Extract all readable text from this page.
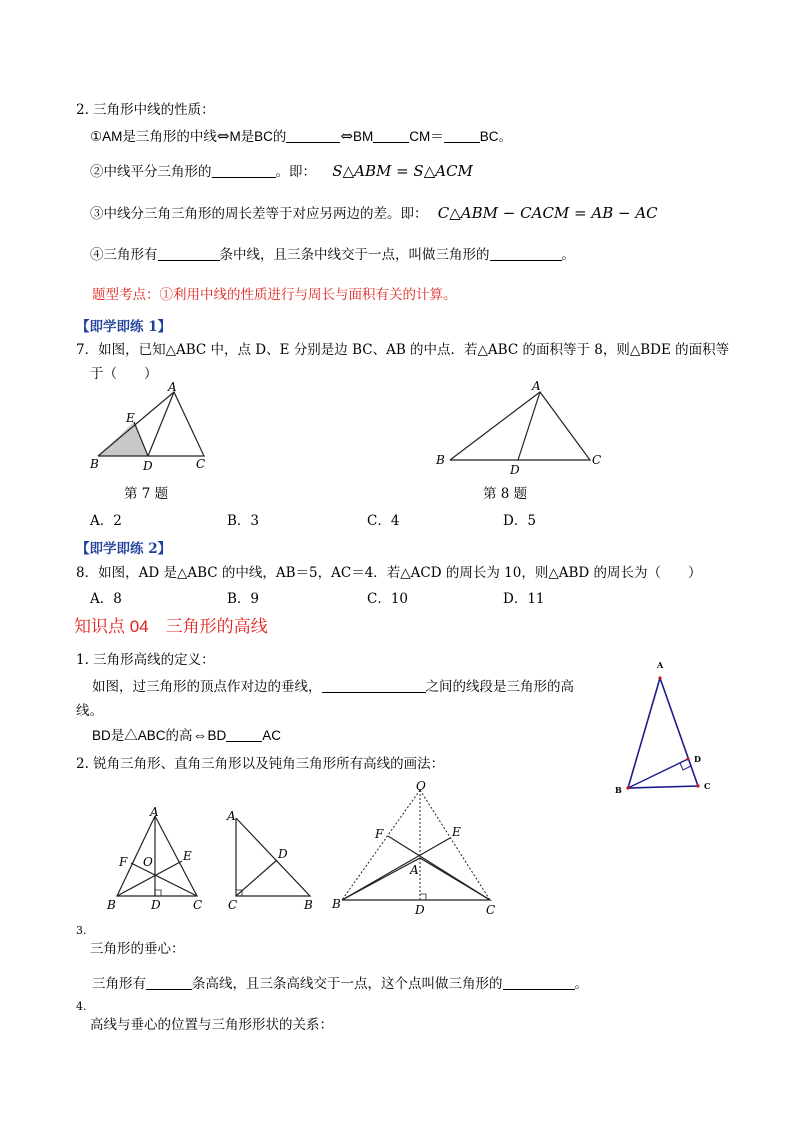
2. 三角形中线的性质：
①AM是三角形的中线⇔M是BC的	⇔BM	CM＝	BC。
②中线平分三角形的	。即： S△ABM = S△ACM
③中线分三角三角形的周长差等于对应另两边的差。即： C△ABM − CACM = AB − AC
④三角形有	条中线，且三条中线交于一点，叫做三角形的	。
题型考点：①利用中线的性质进行与周长与面积有关的计算。
【即学即练 1】
7．如图，已知△ABC 中，点 D、E 分别是边 BC、AB 的中点．若△ABC 的面积等于 8，则△BDE 的面积等
于（　　）
A
E
B	D	C
第 7 题
A
B
D
C
第 8 题
A．2	B．3	C．4	D．5
【即学即练 2】
8．如图，AD 是△ABC 的中线，AB＝5，AC＝4．若△ACD 的周长为 10，则△ABD 的周长为（　　）
A．8	B．9	C．10	D．11
知识点 04　三角形的高线
1. 三角形高线的定义：
如图，过三角形的顶点作对边的垂线，	之间的线段是三角形的高
线。
BD是△ABC的高⇔BD	AC
A
B	C
D
2. 锐角三角形、直角三角形以及钝角三角形所有高线的画法：
A
B	C
D
E
F O
A
C	B
D
O
F	E
A
B	D	C
3.
三角形的垂心：
三角形有	条高线，且三条高线交于一点，这个点叫做三角形的	。
4.
高线与垂心的位置与三角形形状的关系：
